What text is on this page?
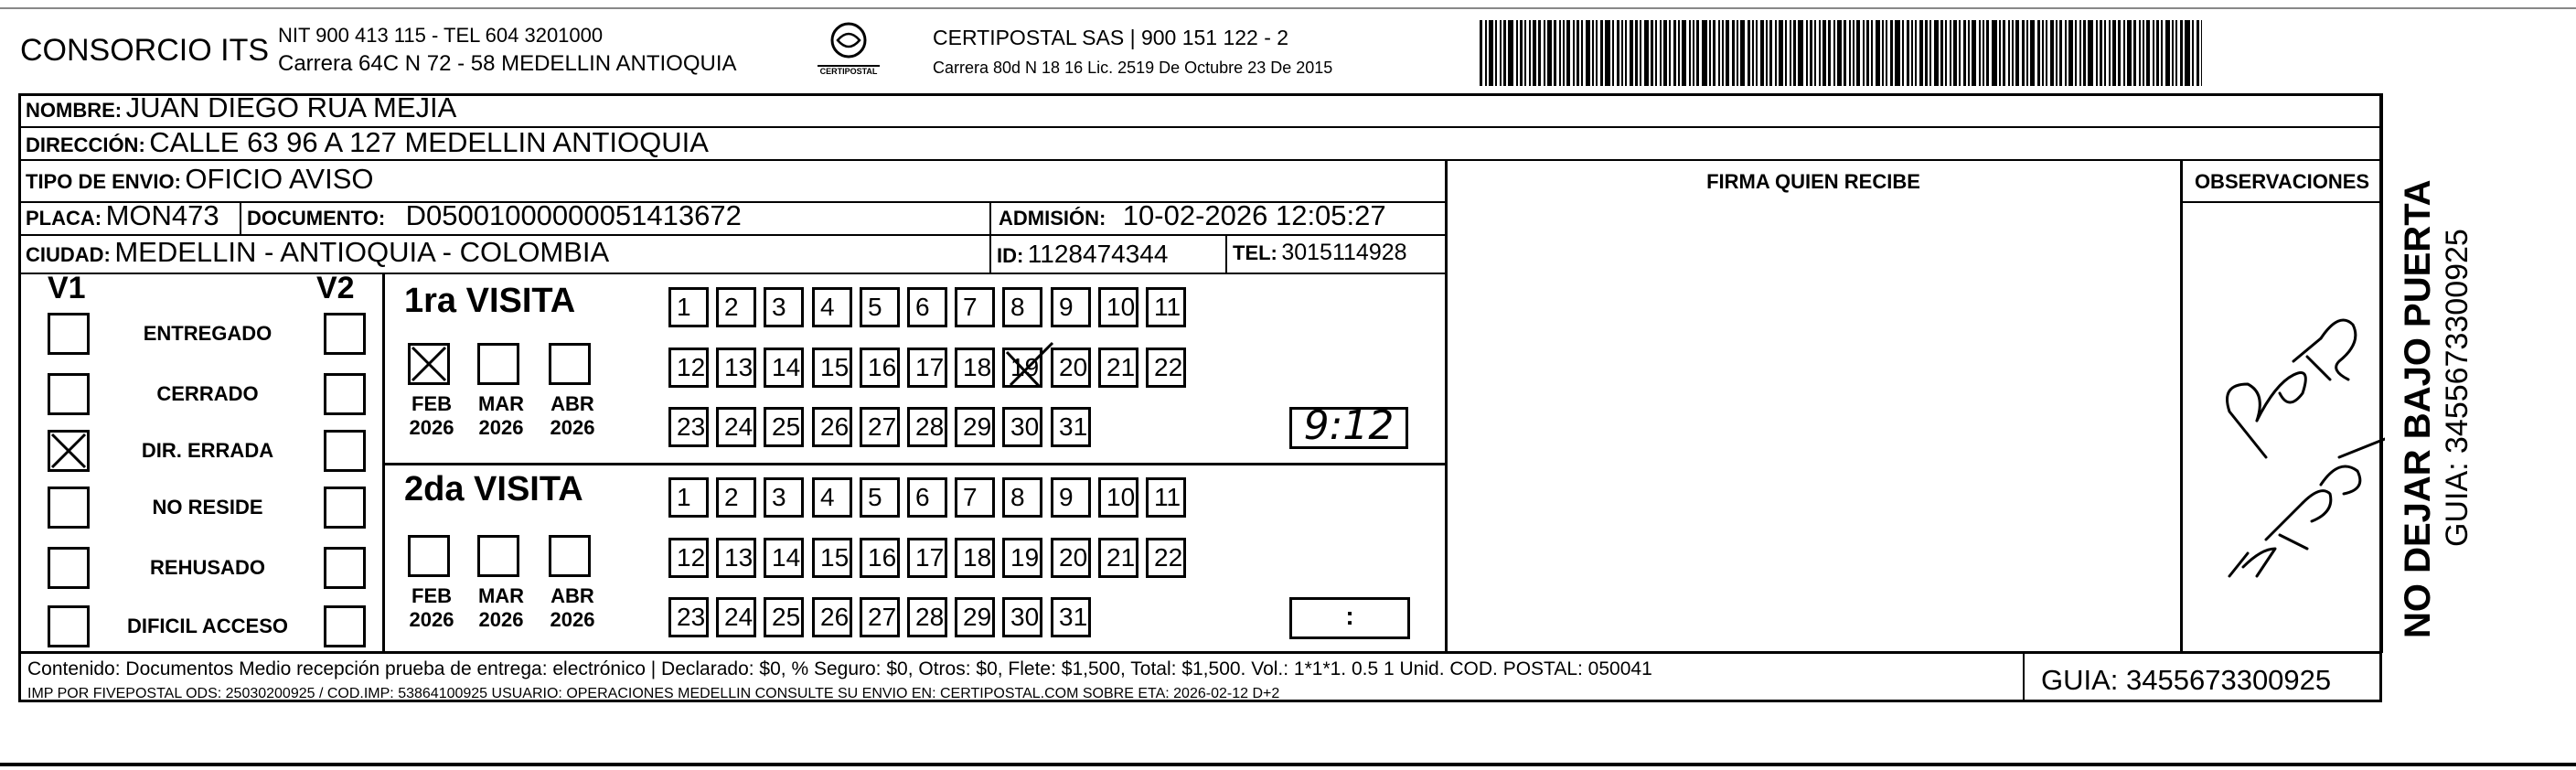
CONSORCIO ITS NIT 900 413 115 - TEL 604 3201000
Carrera 64C N 72 - 58 MEDELLIN ANTIOQUIA	CERTIPOSTAL
CERTIPOSTAL SAS | 900 151 122 - 2
Carrera 80d N 18 16 Lic. 2519 De Octubre 23 De 2015
NOMBRE: JUAN DIEGO RUA MEJIA
DIRECCIÓN: CALLE 63 96 A 127 MEDELLIN ANTIOQUIA
TIPO DE ENVIO: OFICIO AVISO
PLACA: MON473 DOCUMENTO: D05001000000051413672	ADMISIÓN: 10-02-2026 12:05:27
CIUDAD: MEDELLIN - ANTIOQUIA - COLOMBIA	ID: 1128474344	TEL: 3015114928
FIRMA QUIEN RECIBE	OBSERVACIONES
V1	V2
ENTREGADO
CERRADO
DIR. ERRADA
NO RESIDE
REHUSADO
DIFICIL ACCESO
1ra VISITA
2da VISITA
FEB
2026
MAR
2026
ABR
2026
FEB
2026
MAR
2026
ABR
2026
1 2 3 4 5 6 7 8 9 10 11
12 13 14 15 16 17 18 19 20 21 22
23 24 25 26 27 28 29 30 31
1 2 3 4 5 6 7 8 9 10 11
12 13 14 15 16 17 18 19 20 21 22
23 24 25 26 27 28 29 30 31
9:12
:
Contenido: Documentos Medio recepción prueba de entrega: electrónico | Declarado: $0, % Seguro: $0, Otros: $0, Flete: $1,500, Total: $1,500. Vol.: 1*1*1. 0.5 1 Unid. COD. POSTAL: 050041
IMP POR FIVEPOSTAL ODS: 25030200925 / COD.IMP: 53864100925 USUARIO: OPERACIONES MEDELLIN CONSULTE SU ENVIO EN: CERTIPOSTAL.COM SOBRE ETA: 2026-02-12 D+2	GUIA: 3455673300925
NO DEJAR BAJO PUERTA GUIA: 3455673300925
